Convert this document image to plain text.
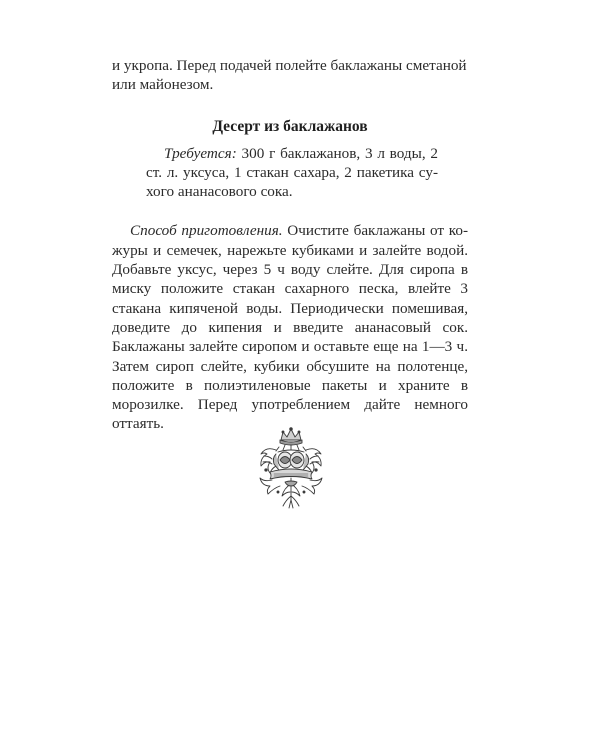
и укропа. Перед подачей полейте баклажаны сметаной или майонезом.

Десерт из баклажанов

Требуется: 300 г баклажанов, 3 л воды, 2 ст. л. уксуса, 1 стакан сахара, 2 пакетика сухого ананасового сока.

Способ приготовления. Очистите баклажаны от кожуры и семечек, нарежьте кубиками и залейте водой. Добавьте уксус, через 5 ч воду слейте. Для сиропа в миску положите стакан сахарного песка, влейте 3 стакана кипяченой воды. Периодически помешивая, доведите до кипения и введите ананасовый сок. Баклажаны залейте сиропом и оставьте еще на 1—3 ч. Затем сироп слейте, кубики обсушите на полотенце, положите в полиэтиленовые пакеты и храните в морозилке. Перед употреблением дайте немного оттаять.
